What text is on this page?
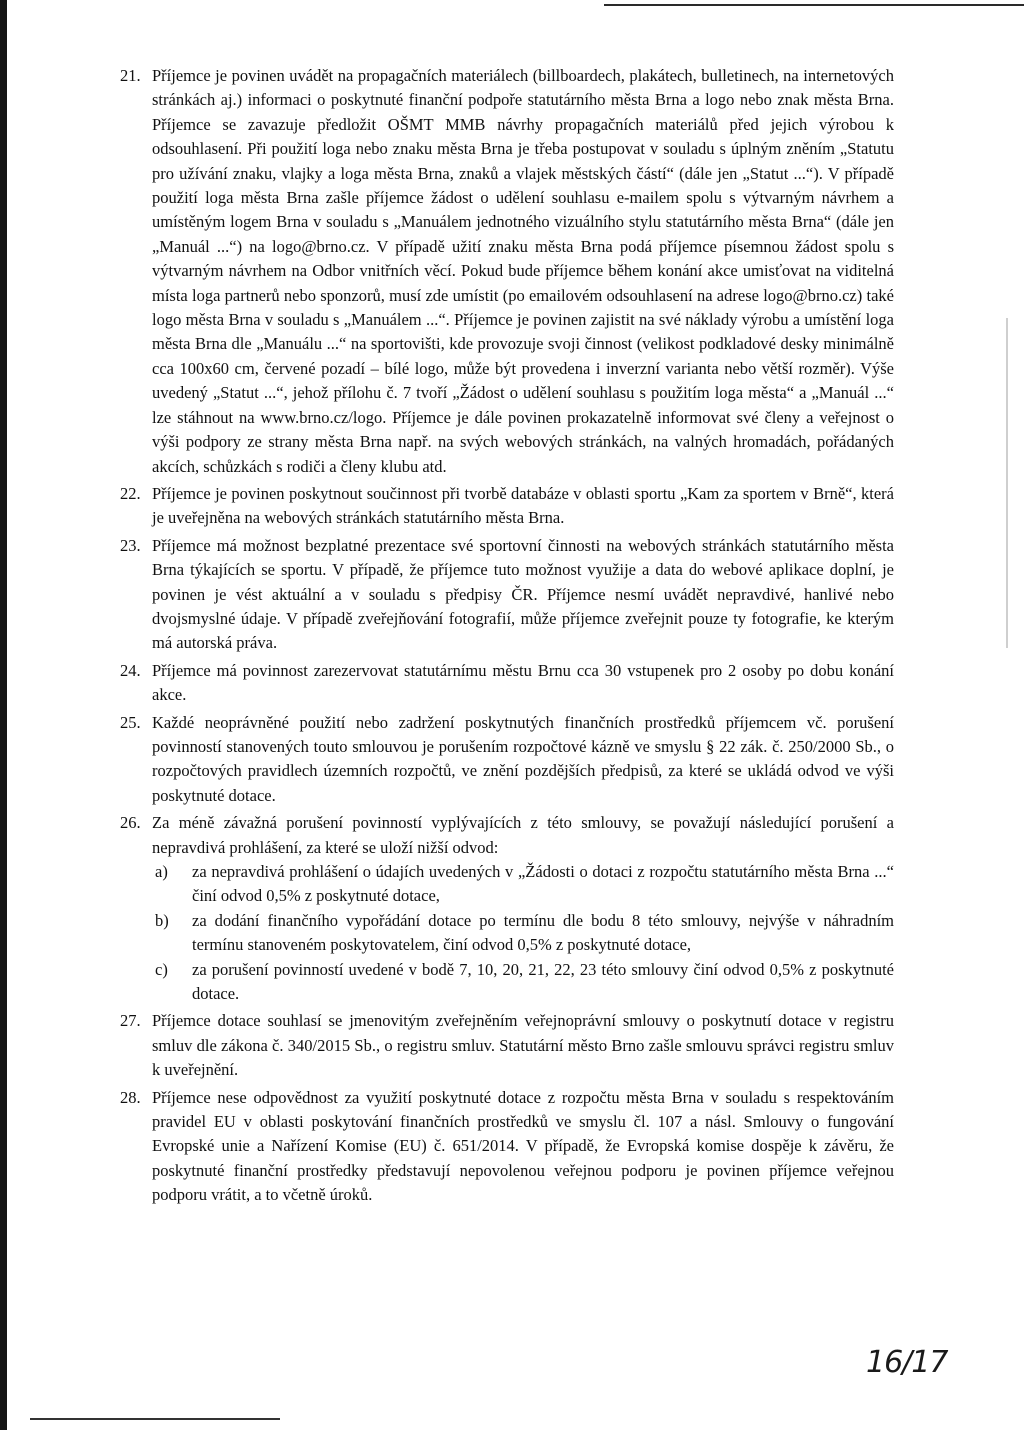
21. Příjemce je povinen uvádět na propagačních materiálech (billboardech, plakátech, bulletinech, na internetových stránkách aj.) informaci o poskytnuté finanční podpoře statutárního města Brna a logo nebo znak města Brna. Příjemce se zavazuje předložit OŠMT MMB návrhy propagačních materiálů před jejich výrobou k odsouhlasení. Při použití loga nebo znaku města Brna je třeba postupovat v souladu s úplným zněním „Statutu pro užívání znaku, vlajky a loga města Brna, znaků a vlajek městských částí“ (dále jen „Statut ...“). V případě použití loga města Brna zašle příjemce žádost o udělení souhlasu e-mailem spolu s výtvarným návrhem a umístěným logem Brna v souladu s „Manuálem jednotného vizuálního stylu statutárního města Brna“ (dále jen „Manuál ...“) na logo@brno.cz. V případě užití znaku města Brna podá příjemce písemnou žádost spolu s výtvarným návrhem na Odbor vnitřních věcí. Pokud bude příjemce během konání akce umisťovat na viditelná místa loga partnerů nebo sponzorů, musí zde umístit (po emailovém odsouhlasení na adrese logo@brno.cz) také logo města Brna v souladu s „Manuálem ...“. Příjemce je povinen zajistit na své náklady výrobu a umístění loga města Brna dle „Manuálu ...“ na sportovišti, kde provozuje svoji činnost (velikost podkladové desky minimálně cca 100x60 cm, červené pozadí – bílé logo, může být provedena i inverzní varianta nebo větší rozměr). Výše uvedený „Statut ...“, jehož přílohu č. 7 tvoří „Žádost o udělení souhlasu s použitím loga města“ a „Manuál ...“ lze stáhnout na www.brno.cz/logo. Příjemce je dále povinen prokazatelně informovat své členy a veřejnost o výši podpory ze strany města Brna např. na svých webových stránkách, na valných hromadách, pořádaných akcích, schůzkách s rodiči a členy klubu atd.
22. Příjemce je povinen poskytnout součinnost při tvorbě databáze v oblasti sportu „Kam za sportem v Brně“, která je uveřejněna na webových stránkách statutárního města Brna.
23. Příjemce má možnost bezplatné prezentace své sportovní činnosti na webových stránkách statutárního města Brna týkajících se sportu. V případě, že příjemce tuto možnost využije a data do webové aplikace doplní, je povinen je vést aktuální a v souladu s předpisy ČR. Příjemce nesmí uvádět nepravdivé, hanlivé nebo dvojsmyslné údaje. V případě zveřejňování fotografií, může příjemce zveřejnit pouze ty fotografie, ke kterým má autorská práva.
24. Příjemce má povinnost zarezervovat statutárnímu městu Brnu cca 30 vstupenek pro 2 osoby po dobu konání akce.
25. Každé neoprávněné použití nebo zadržení poskytnutých finančních prostředků příjemcem vč. porušení povinností stanovených touto smlouvou je porušením rozpočtové kázně ve smyslu § 22 zák. č. 250/2000 Sb., o rozpočtových pravidlech územních rozpočtů, ve znění pozdějších předpisů, za které se ukládá odvod ve výši poskytnuté dotace.
26. Za méně závažná porušení povinností vyplývajících z této smlouvy, se považují následující porušení a nepravdivá prohlášení, za které se uloží nižší odvod:
a) za nepravdivá prohlášení o údajích uvedených v „Žádosti o dotaci z rozpočtu statutárního města Brna ...“ činí odvod 0,5% z poskytnuté dotace,
b) za dodání finančního vypořádání dotace po termínu dle bodu 8 této smlouvy, nejvýše v náhradním termínu stanoveném poskytovatelem, činí odvod 0,5% z poskytnuté dotace,
c) za porušení povinností uvedené v bodě 7, 10, 20, 21, 22, 23 této smlouvy činí odvod 0,5% z poskytnuté dotace.
27. Příjemce dotace souhlasí se jmenovitým zveřejněním veřejnoprávní smlouvy o poskytnutí dotace v registru smluv dle zákona č. 340/2015 Sb., o registru smluv. Statutární město Brno zašle smlouvu správci registru smluv k uveřejnění.
28. Příjemce nese odpovědnost za využití poskytnuté dotace z rozpočtu města Brna v souladu s respektováním pravidel EU v oblasti poskytování finančních prostředků ve smyslu čl. 107 a násl. Smlouvy o fungování Evropské unie a Nařízení Komise (EU) č. 651/2014. V případě, že Evropská komise dospěje k závěru, že poskytnuté finanční prostředky představují nepovolenou veřejnou podporu je povinen příjemce veřejnou podporu vrátit, a to včetně úroků.
16/17
